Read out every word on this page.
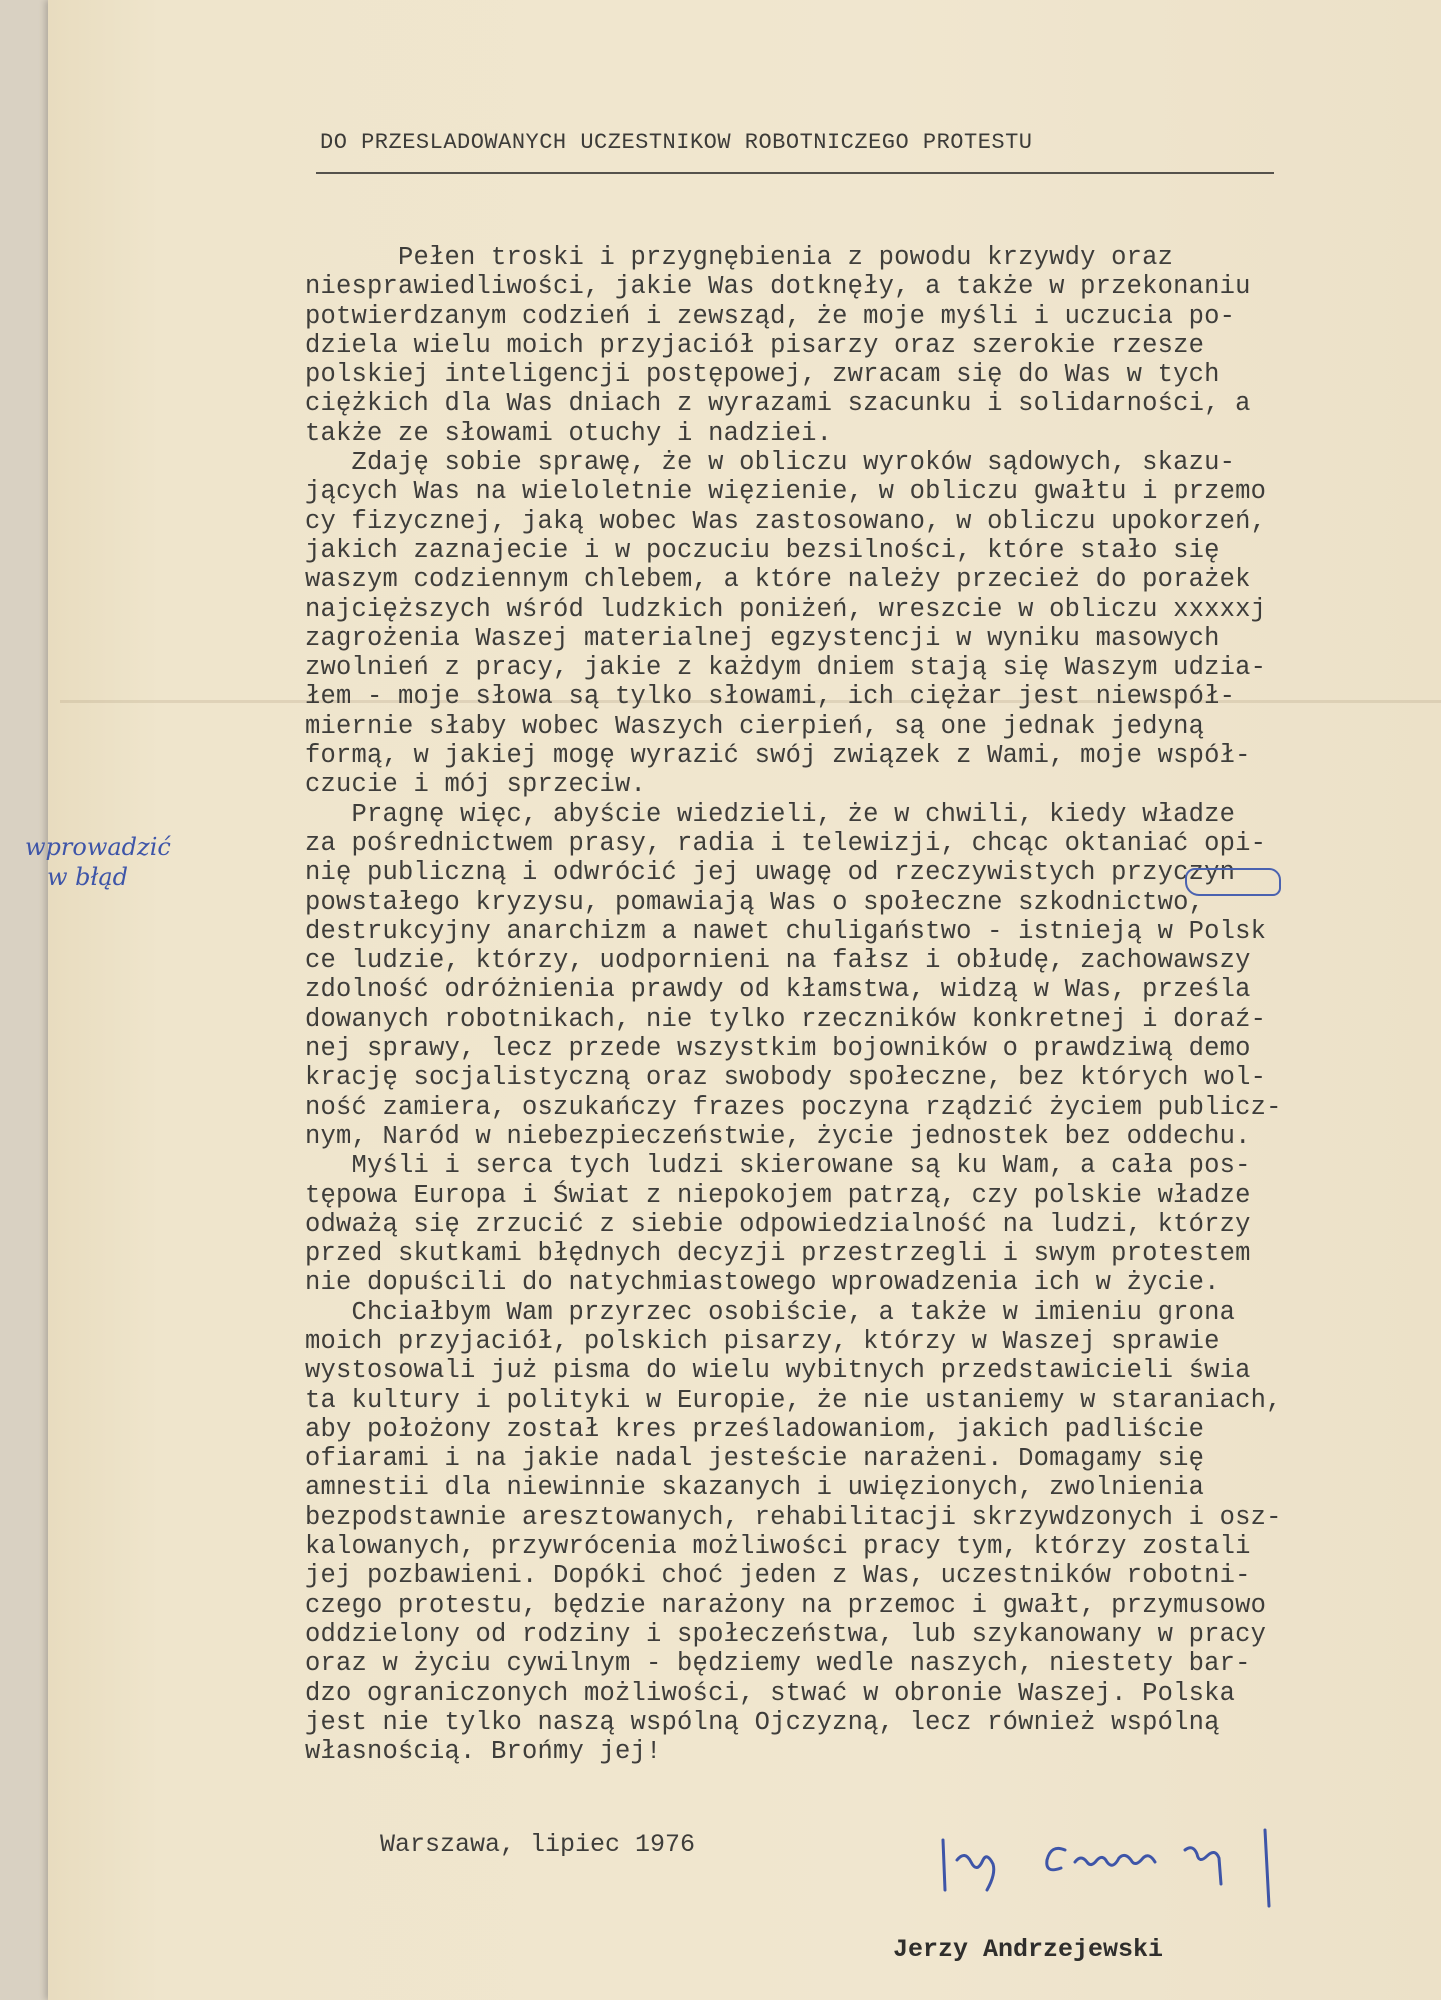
DO PRZESLADOWANYCH UCZESTNIKOW ROBOTNICZEGO PROTESTU
Pełen troski i przygnębienia z powodu krzywdy oraz
niesprawiedliwości, jakie Was dotknęły, a także w przekonaniu
potwierdzanym codzień i zewsząd, że moje myśli i uczucia po-
dziela wielu moich przyjaciół pisarzy oraz szerokie rzesze
polskiej inteligencji postępowej, zwracam się do Was w tych
ciężkich dla Was dniach z wyrazami szacunku i solidarności, a
także ze słowami otuchy i nadziei.
Zdaję sobie sprawę, że w obliczu wyroków sądowych, skazu-
jących Was na wieloletnie więzienie, w obliczu gwałtu i przemo
cy fizycznej, jaką wobec Was zastosowano, w obliczu upokorzeń,
jakich zaznajecie i w poczuciu bezsilności, które stało się
waszym codziennym chlebem, a które należy przecież do porażek
najcięższych wśród ludzkich poniżeń, wreszcie w obliczu xxxxxj
zagrożenia Waszej materialnej egzystencji w wyniku masowych
zwolnień z pracy, jakie z każdym dniem stają się Waszym udzia-
łem - moje słowa są tylko słowami, ich ciężar jest niewspół-
miernie słaby wobec Waszych cierpień, są one jednak jedyną
formą, w jakiej mogę wyrazić swój związek z Wami, moje współ-
czucie i mój sprzeciw.
Pragnę więc, abyście wiedzieli, że w chwili, kiedy władze
za pośrednictwem prasy, radia i telewizji, chcąc oktaniać opi-
nię publiczną i odwrócić jej uwagę od rzeczywistych przyczyn
powstałego kryzysu, pomawiają Was o społeczne szkodnictwo,
destrukcyjny anarchizm a nawet chuligaństwo - istnieją w Polsk
ce ludzie, którzy, uodpornieni na fałsz i obłudę, zachowawszy
zdolność odróżnienia prawdy od kłamstwa, widzą w Was, prześla
dowanych robotnikach, nie tylko rzeczników konkretnej i doraź-
nej sprawy, lecz przede wszystkim bojowników o prawdziwą demo
krację socjalistyczną oraz swobody społeczne, bez których wol-
ność zamiera, oszukańczy frazes poczyna rządzić życiem publicz-
nym, Naród w niebezpieczeństwie, życie jednostek bez oddechu.
Myśli i serca tych ludzi skierowane są ku Wam, a cała pos-
tępowa Europa i Świat z niepokojem patrzą, czy polskie władze
odważą się zrzucić z siebie odpowiedzialność na ludzi, którzy
przed skutkami błędnych decyzji przestrzegli i swym protestem
nie dopuścili do natychmiastowego wprowadzenia ich w życie.
Chciałbym Wam przyrzec osobiście, a także w imieniu grona
moich przyjaciół, polskich pisarzy, którzy w Waszej sprawie
wystosowali już pisma do wielu wybitnych przedstawicieli świa
ta kultury i polityki w Europie, że nie ustaniemy w staraniach,
aby położony został kres prześladowaniom, jakich padliście
ofiarami i na jakie nadal jesteście narażeni. Domagamy się
amnestii dla niewinnie skazanych i uwięzionych, zwolnienia
bezpodstawnie aresztowanych, rehabilitacji skrzywdzonych i osz-
kalowanych, przywrócenia możliwości pracy tym, którzy zostali
jej pozbawieni. Dopóki choć jeden z Was, uczestników robotni-
czego protestu, będzie narażony na przemoc i gwałt, przymusowo
oddzielony od rodziny i społeczeństwa, lub szykanowany w pracy
oraz w życiu cywilnym - będziemy wedle naszych, niestety bar-
dzo ograniczonych możliwości, stwać w obronie Waszej. Polska
jest nie tylko naszą wspólną Ojczyzną, lecz również wspólną
własnością. Brońmy jej!
wprowadzić
w błąd
Warszawa, lipiec 1976
Jerzy Andrzejewski
